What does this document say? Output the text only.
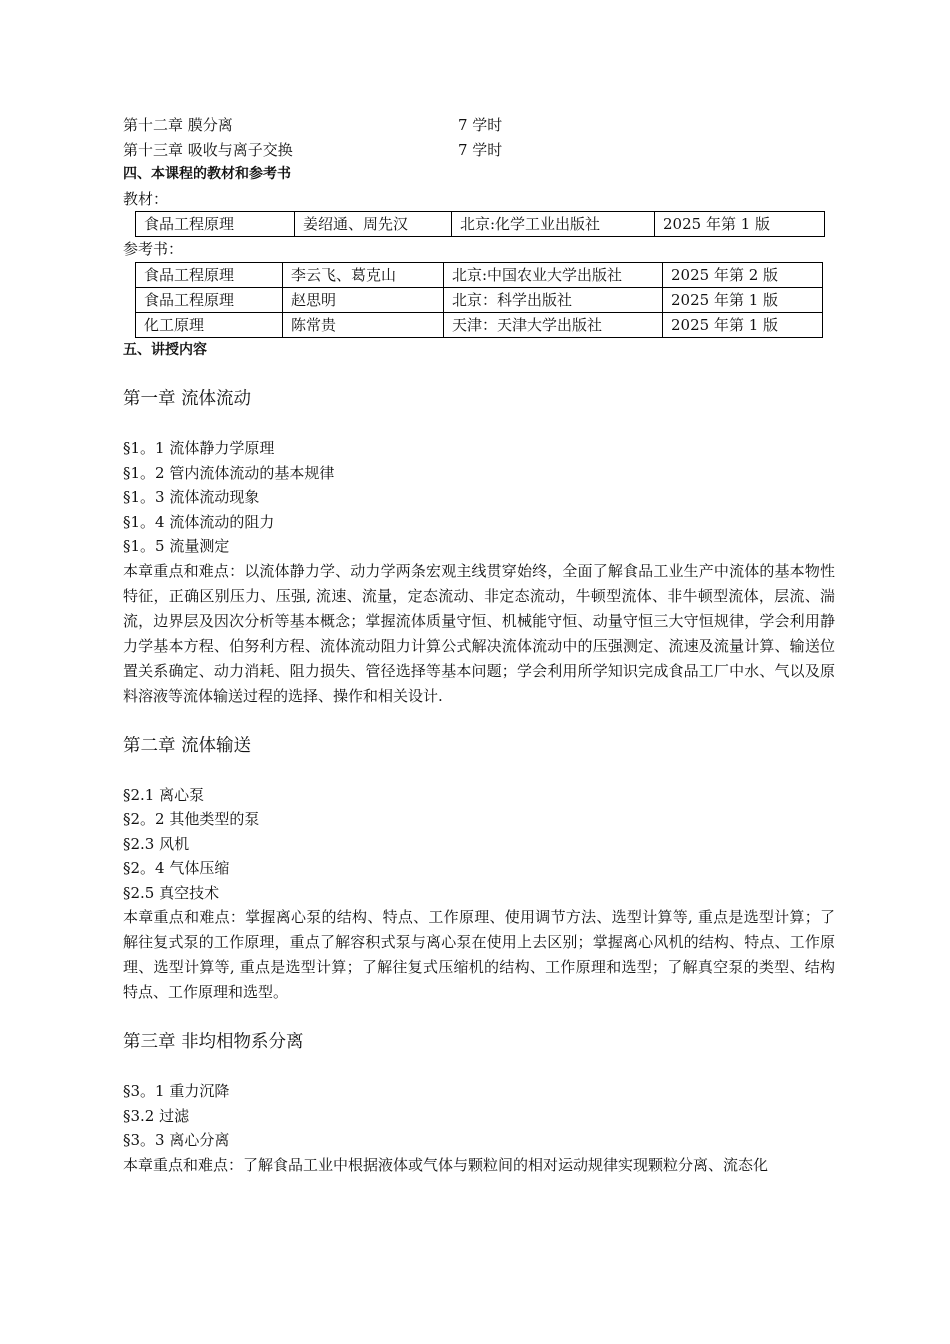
第十二章 膜分离	7 学时
第十三章 吸收与离子交换	7 学时
四、本课程的教材和参考书
教材：
食品工程原理	姜绍通、周先汉	北京:化学工业出版社	2025 年第 1 版
参考书：
食品工程原理	李云飞、葛克山	北京:中国农业大学出版社	2025 年第 2 版
食品工程原理	赵思明	北京：科学出版社	2025 年第 1 版
化工原理	陈常贵	天津：天津大学出版社	2025 年第 1 版
五、讲授内容
第一章 流体流动
§1。1 流体静力学原理
§1。2 管内流体流动的基本规律
§1。3 流体流动现象
§1。4 流体流动的阻力
§1。5 流量测定
本章重点和难点：以流体静力学、动力学两条宏观主线贯穿始终，全面了解食品工业生产中流体的基本物性特征，正确区别压力、压强, 流速、流量，定态流动、非定态流动，牛顿型流体、非牛顿型流体，层流、湍流，边界层及因次分析等基本概念；掌握流体质量守恒、机械能守恒、动量守恒三大守恒规律，学会利用静力学基本方程、伯努利方程、流体流动阻力计算公式解决流体流动中的压强测定、流速及流量计算、输送位置关系确定、动力消耗、阻力损失、管径选择等基本问题；学会利用所学知识完成食品工厂中水、气以及原料溶液等流体输送过程的选择、操作和相关设计.
第二章 流体输送
§2.1 离心泵
§2。2 其他类型的泵
§2.3 风机
§2。4 气体压缩
§2.5 真空技术
本章重点和难点：掌握离心泵的结构、特点、工作原理、使用调节方法、选型计算等, 重点是选型计算；了解往复式泵的工作原理，重点了解容积式泵与离心泵在使用上去区别；掌握离心风机的结构、特点、工作原理、选型计算等, 重点是选型计算；了解往复式压缩机的结构、工作原理和选型；了解真空泵的类型、结构特点、工作原理和选型。
第三章 非均相物系分离
§3。1 重力沉降
§3.2 过滤
§3。3 离心分离
本章重点和难点：了解食品工业中根据液体或气体与颗粒间的相对运动规律实现颗粒分离、流态化
